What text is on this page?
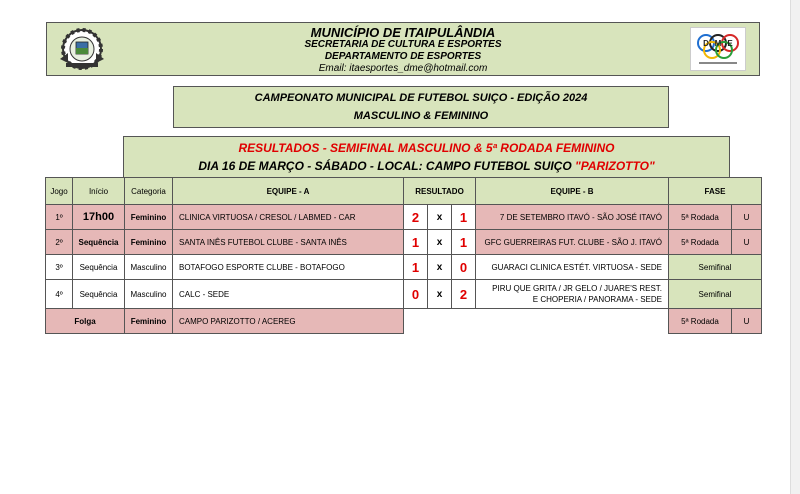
MUNICÍPIO DE ITAIPULÂNDIA
SECRETARIA DE CULTURA E ESPORTES
DEPARTAMENTO DE ESPORTES
Email: itaesportes_dme@hotmail.com
D M E
CAMPEONATO MUNICIPAL DE FUTEBOL SUIÇO - EDIÇÃO 2024
MASCULINO & FEMININO
RESULTADOS - SEMIFINAL MASCULINO & 5ª RODADA FEMININO
DIA 16 DE MARÇO - SÁBADO - LOCAL: CAMPO FUTEBOL SUIÇO "PARIZOTTO"
Jogo	Início	Categoria	EQUIPE - A	RESULTADO			EQUIPE - B	FASE	
1º	17h00	Feminino	CLINICA VIRTUOSA / CRESOL / LABMED - CAR	2	x	1	7 DE SETEMBRO ITAVÓ - SÃO JOSÉ ITAVÓ	5ª Rodada	U
2º	Sequência	Feminino	SANTA INÊS FUTEBOL CLUBE - SANTA INÊS	1	x	1	GFC GUERREIRAS FUT. CLUBE - SÃO J. ITAVÓ	5ª Rodada	U
3º	Sequência	Masculino	BOTAFOGO ESPORTE CLUBE - BOTAFOGO	1	x	0	GUARACI CLINICA ESTÉT. VIRTUOSA - SEDE	Semifinal	
4º	Sequência	Masculino	CALC - SEDE	0	x	2	PIRU QUE GRITA / JR GELO / JUARE'S REST.
E CHOPERIA / PANORAMA - SEDE	Semifinal	
Folga		Feminino	CAMPO PARIZOTTO / ACEREG					5ª Rodada	U
